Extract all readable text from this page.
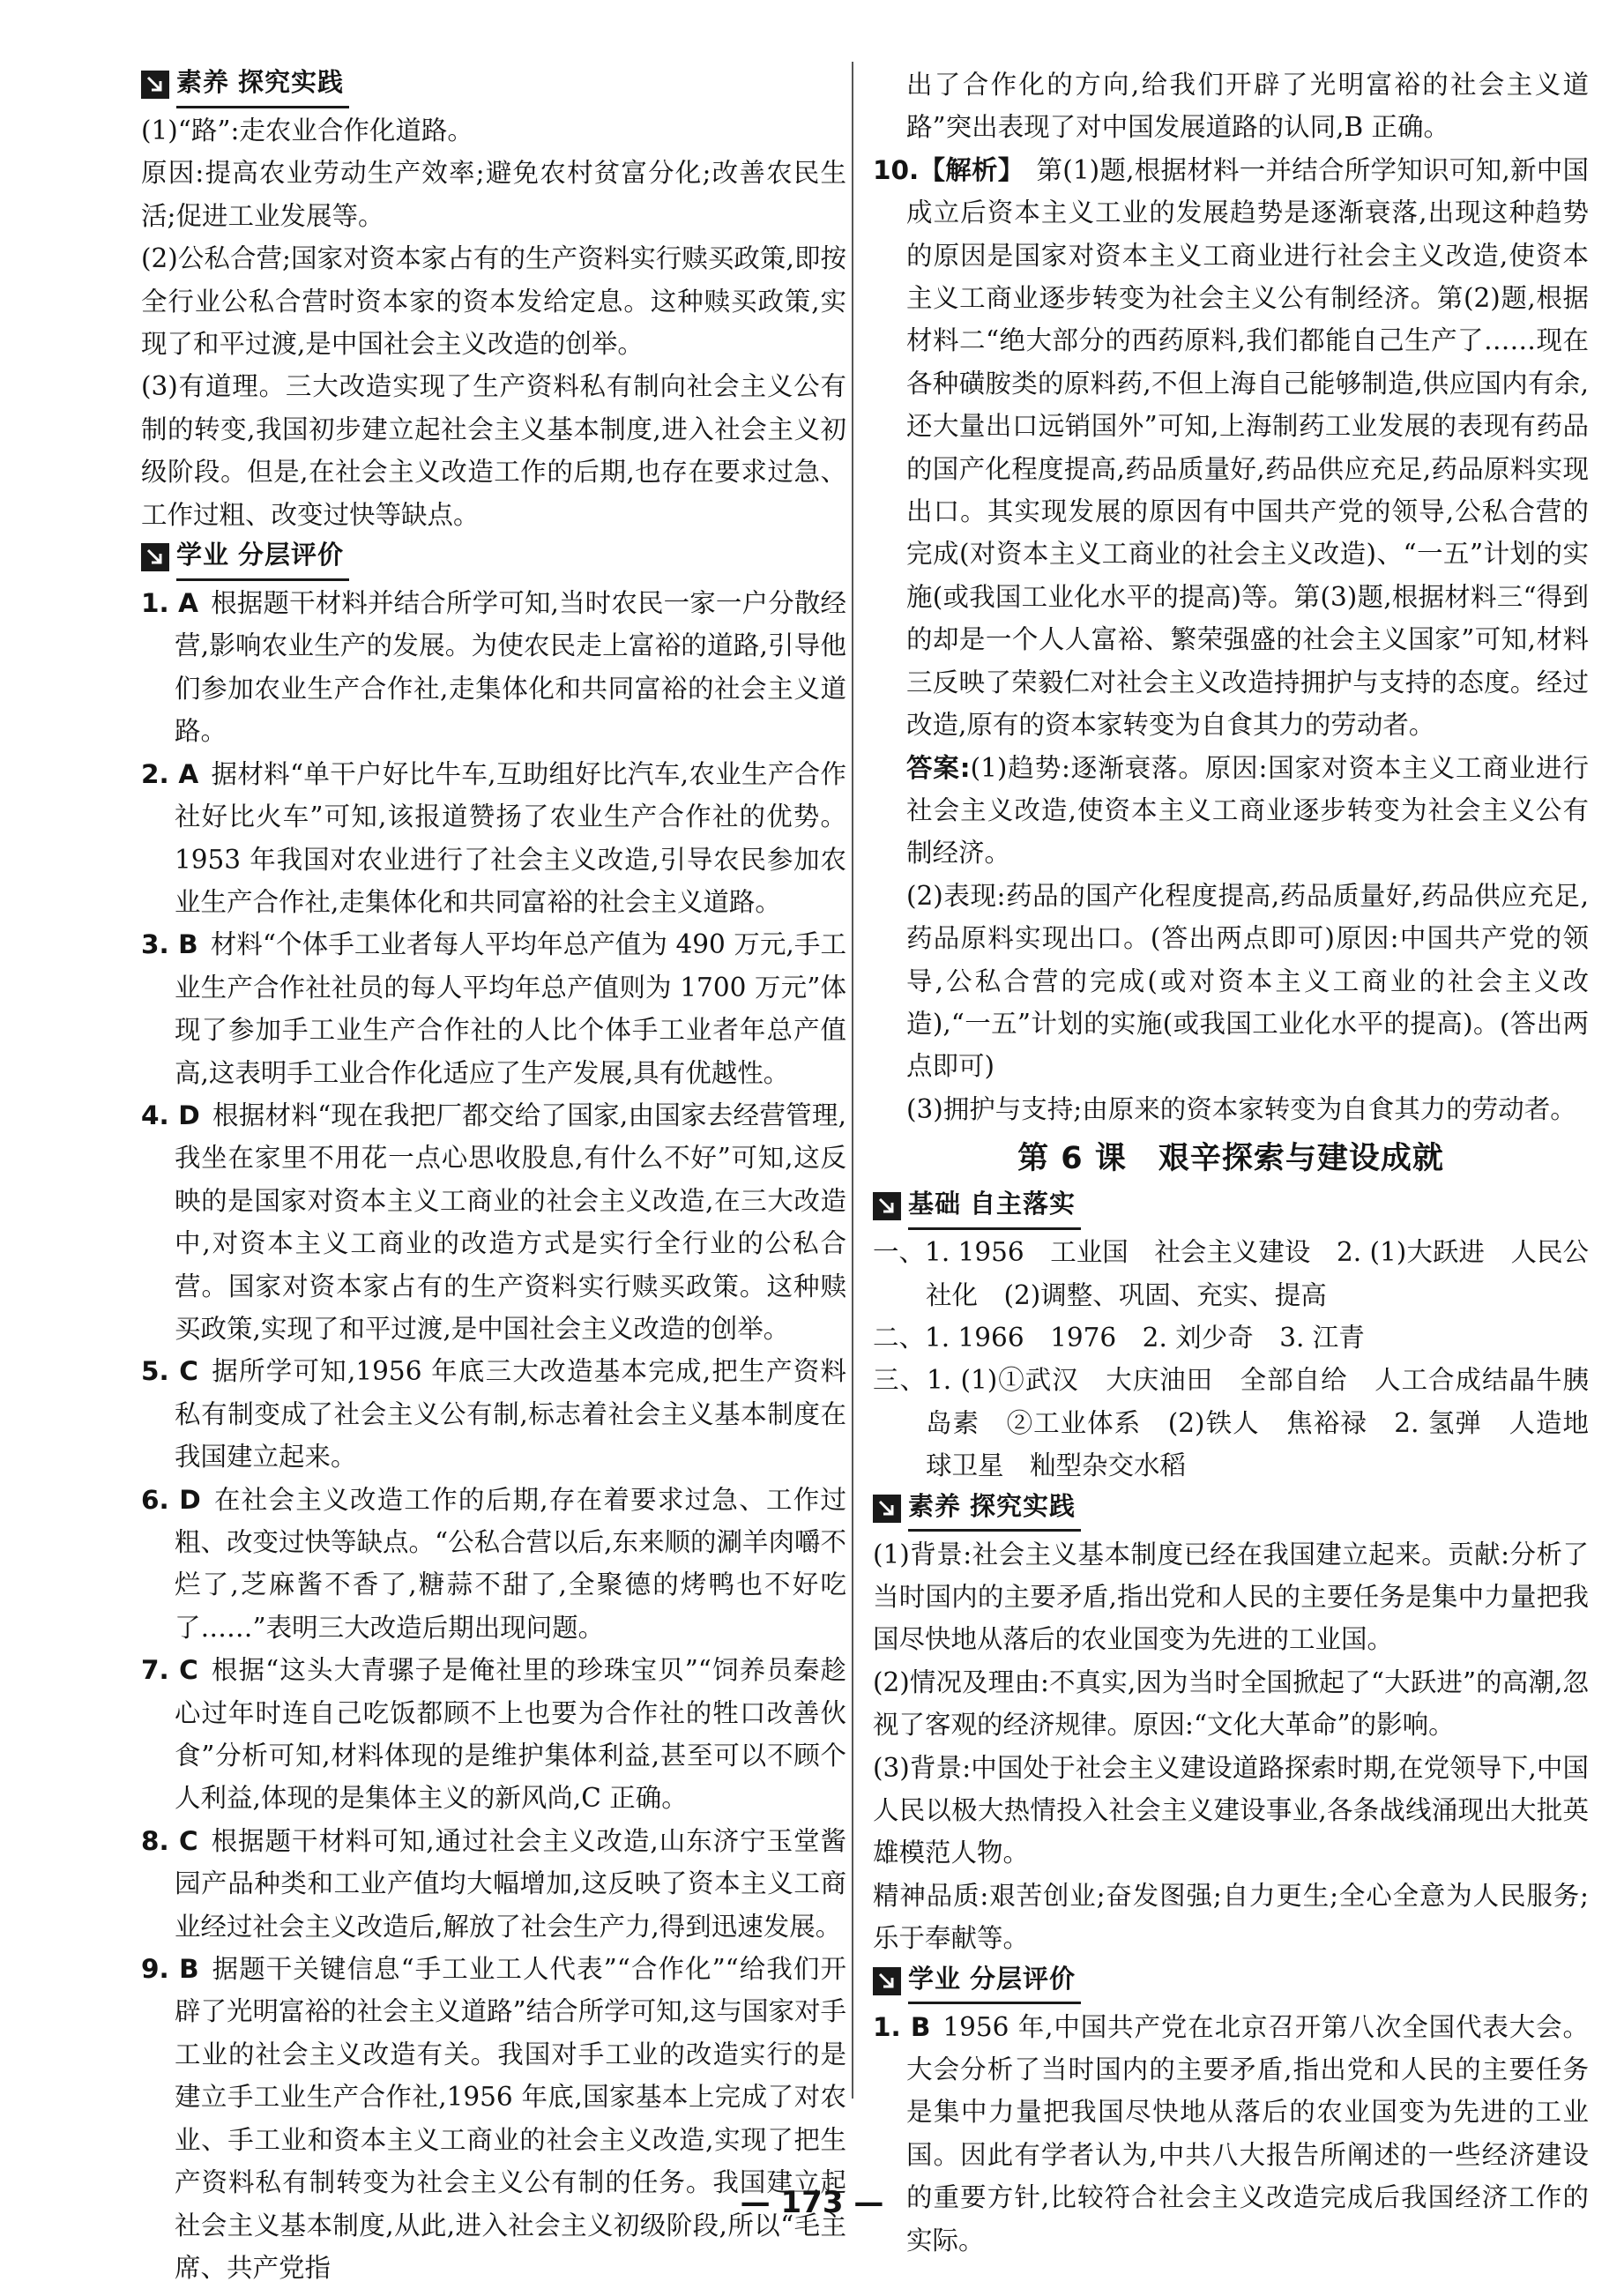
素养 探究实践

(1)“路”:走农业合作化道路。

原因:提高农业劳动生产效率;避免农村贫富分化;改善农民生活;促进工业发展等。

(2)公私合营;国家对资本家占有的生产资料实行赎买政策,即按全行业公私合营时资本家的资本发给定息。这种赎买政策,实现了和平过渡,是中国社会主义改造的创举。

(3)有道理。三大改造实现了生产资料私有制向社会主义公有制的转变,我国初步建立起社会主义基本制度,进入社会主义初级阶段。但是,在社会主义改造工作的后期,也存在要求过急、工作过粗、改变过快等缺点。

学业 分层评价

1. A 根据题干材料并结合所学可知,当时农民一家一户分散经营,影响农业生产的发展。为使农民走上富裕的道路,引导他们参加农业生产合作社,走集体化和共同富裕的社会主义道路。

2. A 据材料“单干户好比牛车,互助组好比汽车,农业生产合作社好比火车”可知,该报道赞扬了农业生产合作社的优势。1953 年我国对农业进行了社会主义改造,引导农民参加农业生产合作社,走集体化和共同富裕的社会主义道路。

3. B 材料“个体手工业者每人平均年总产值为 490 万元,手工业生产合作社社员的每人平均年总产值则为 1700 万元”体现了参加手工业生产合作社的人比个体手工业者年总产值高,这表明手工业合作化适应了生产发展,具有优越性。

4. D 根据材料“现在我把厂都交给了国家,由国家去经营管理,我坐在家里不用花一点心思收股息,有什么不好”可知,这反映的是国家对资本主义工商业的社会主义改造,在三大改造中,对资本主义工商业的改造方式是实行全行业的公私合营。国家对资本家占有的生产资料实行赎买政策。这种赎买政策,实现了和平过渡,是中国社会主义改造的创举。

5. C 据所学可知,1956 年底三大改造基本完成,把生产资料私有制变成了社会主义公有制,标志着社会主义基本制度在我国建立起来。

6. D 在社会主义改造工作的后期,存在着要求过急、工作过粗、改变过快等缺点。“公私合营以后,东来顺的涮羊肉嚼不烂了,芝麻酱不香了,糖蒜不甜了,全聚德的烤鸭也不好吃了……”表明三大改造后期出现问题。

7. C 根据“这头大青骡子是俺社里的珍珠宝贝”“饲养员秦趁心过年时连自己吃饭都顾不上也要为合作社的牲口改善伙食”分析可知,材料体现的是维护集体利益,甚至可以不顾个人利益,体现的是集体主义的新风尚,C 正确。

8. C 根据题干材料可知,通过社会主义改造,山东济宁玉堂酱园产品种类和工业产值均大幅增加,这反映了资本主义工商业经过社会主义改造后,解放了社会生产力,得到迅速发展。

9. B 据题干关键信息“手工业工人代表”“合作化”“给我们开辟了光明富裕的社会主义道路”结合所学可知,这与国家对手工业的社会主义改造有关。我国对手工业的改造实行的是建立手工业生产合作社,1956 年底,国家基本上完成了对农业、手工业和资本主义工商业的社会主义改造,实现了把生产资料私有制转变为社会主义公有制的任务。我国建立起社会主义基本制度,从此,进入社会主义初级阶段,所以“毛主席、共产党指

出了合作化的方向,给我们开辟了光明富裕的社会主义道路”突出表现了对中国发展道路的认同,B 正确。

10.【解析】 第(1)题,根据材料一并结合所学知识可知,新中国成立后资本主义工业的发展趋势是逐渐衰落,出现这种趋势的原因是国家对资本主义工商业进行社会主义改造,使资本主义工商业逐步转变为社会主义公有制经济。第(2)题,根据材料二“绝大部分的西药原料,我们都能自己生产了……现在各种磺胺类的原料药,不但上海自己能够制造,供应国内有余,还大量出口远销国外”可知,上海制药工业发展的表现有药品的国产化程度提高,药品质量好,药品供应充足,药品原料实现出口。其实现发展的原因有中国共产党的领导,公私合营的完成(对资本主义工商业的社会主义改造)、“一五”计划的实施(或我国工业化水平的提高)等。第(3)题,根据材料三“得到的却是一个人人富裕、繁荣强盛的社会主义国家”可知,材料三反映了荣毅仁对社会主义改造持拥护与支持的态度。经过改造,原有的资本家转变为自食其力的劳动者。

答案:(1)趋势:逐渐衰落。原因:国家对资本主义工商业进行社会主义改造,使资本主义工商业逐步转变为社会主义公有制经济。

(2)表现:药品的国产化程度提高,药品质量好,药品供应充足,药品原料实现出口。(答出两点即可)原因:中国共产党的领导,公私合营的完成(或对资本主义工商业的社会主义改造),“一五”计划的实施(或我国工业化水平的提高)。(答出两点即可)

(3)拥护与支持;由原来的资本家转变为自食其力的劳动者。

第 6 课　艰辛探索与建设成就
基础 自主落实

一、1. 1956　工业国　社会主义建设　2. (1)大跃进　人民公社化　(2)调整、巩固、充实、提高

二、1. 1966　1976　2. 刘少奇　3. 江青

三、1. (1)①武汉　大庆油田　全部自给　人工合成结晶牛胰岛素　②工业体系　(2)铁人　焦裕禄　2. 氢弹　人造地球卫星　籼型杂交水稻

素养 探究实践

(1)背景:社会主义基本制度已经在我国建立起来。贡献:分析了当时国内的主要矛盾,指出党和人民的主要任务是集中力量把我国尽快地从落后的农业国变为先进的工业国。

(2)情况及理由:不真实,因为当时全国掀起了“大跃进”的高潮,忽视了客观的经济规律。原因:“文化大革命”的影响。

(3)背景:中国处于社会主义建设道路探索时期,在党领导下,中国人民以极大热情投入社会主义建设事业,各条战线涌现出大批英雄模范人物。

精神品质:艰苦创业;奋发图强;自力更生;全心全意为人民服务;乐于奉献等。

学业 分层评价

1. B 1956 年,中国共产党在北京召开第八次全国代表大会。大会分析了当时国内的主要矛盾,指出党和人民的主要任务是集中力量把我国尽快地从落后的农业国变为先进的工业国。因此有学者认为,中共八大报告所阐述的一些经济建设的重要方针,比较符合社会主义改造完成后我国经济工作的实际。

— 173 —
